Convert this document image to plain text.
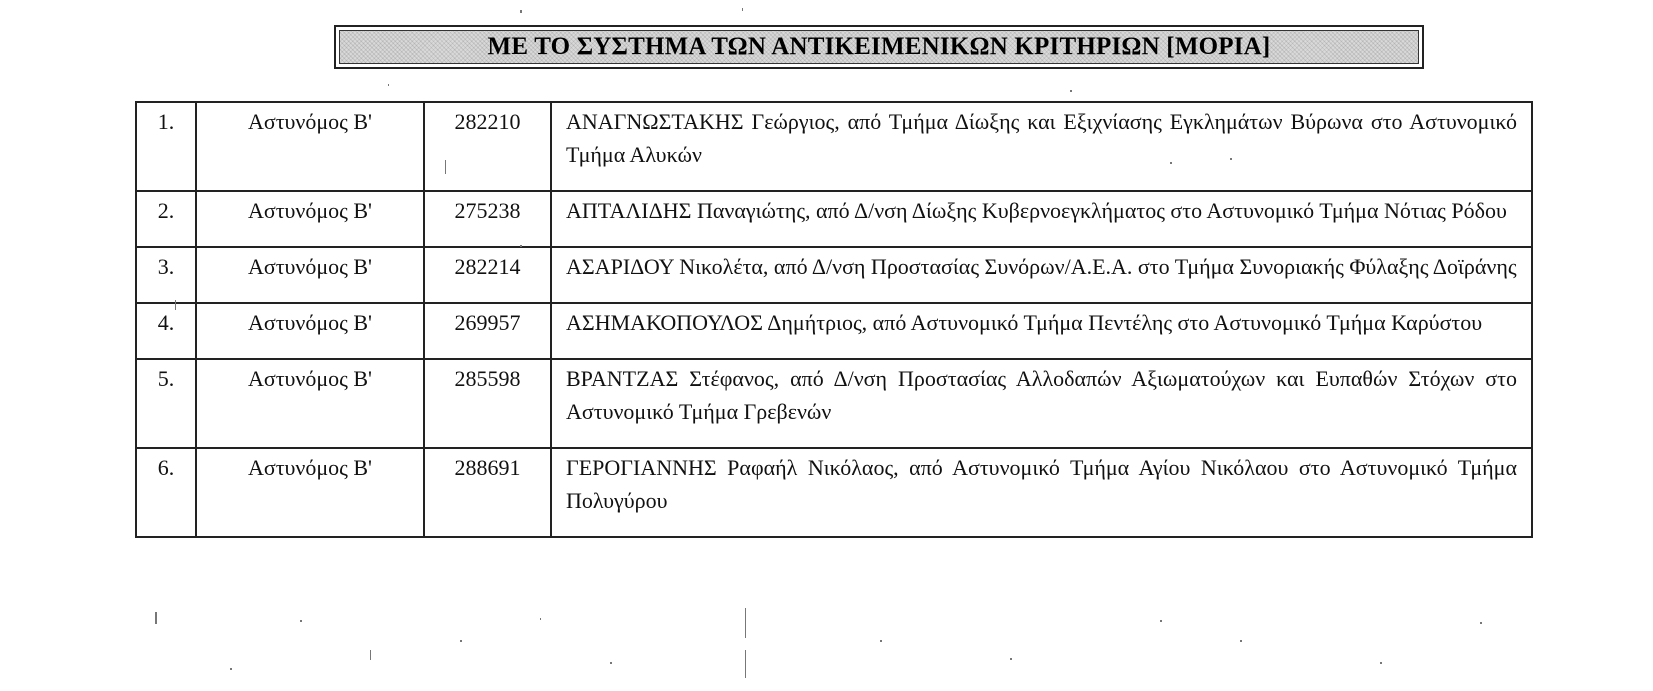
ΜΕ ΤΟ ΣΥΣΤΗΜΑ ΤΩΝ ΑΝΤΙΚΕΙΜΕΝΙΚΩΝ ΚΡΙΤΗΡΙΩΝ [ΜΟΡΙΑ]
1.	Αστυνόμος Β'	282210	ΑΝΑΓΝΩΣΤΑΚΗΣ Γεώργιος, από Τμήμα Δίωξης και Εξιχνίασης Εγκλημάτων Βύρωνα στο Αστυνομικό Τμήμα Αλυκών
2.	Αστυνόμος Β'	275238	ΑΠΤΑΛΙΔΗΣ Παναγιώτης, από Δ/νση Δίωξης Κυβερνοεγκλήματος στο Αστυνομικό Τμήμα Νότιας Ρόδου
3.	Αστυνόμος Β'	282214	ΑΣΑΡΙΔΟΥ Νικολέτα, από Δ/νση Προστασίας Συνόρων/Α.Ε.Α. στο Τμήμα Συνοριακής Φύλαξης Δοϊράνης
4.	Αστυνόμος Β'	269957	ΑΣΗΜΑΚΟΠΟΥΛΟΣ Δημήτριος, από Αστυνομικό Τμήμα Πεντέλης στο Αστυνομικό Τμήμα Καρύστου
5.	Αστυνόμος Β'	285598	ΒΡΑΝΤΖΑΣ Στέφανος, από Δ/νση Προστασίας Αλλοδαπών Αξιωματούχων και Ευπαθών Στόχων στο Αστυνομικό Τμήμα Γρεβενών
6.	Αστυνόμος Β'	288691	ΓΕΡΟΓΙΑΝΝΗΣ Ραφαήλ Νικόλαος, από Αστυνομικό Τμήμα Αγίου Νικόλαου στο Αστυνομικό Τμήμα Πολυγύρου
